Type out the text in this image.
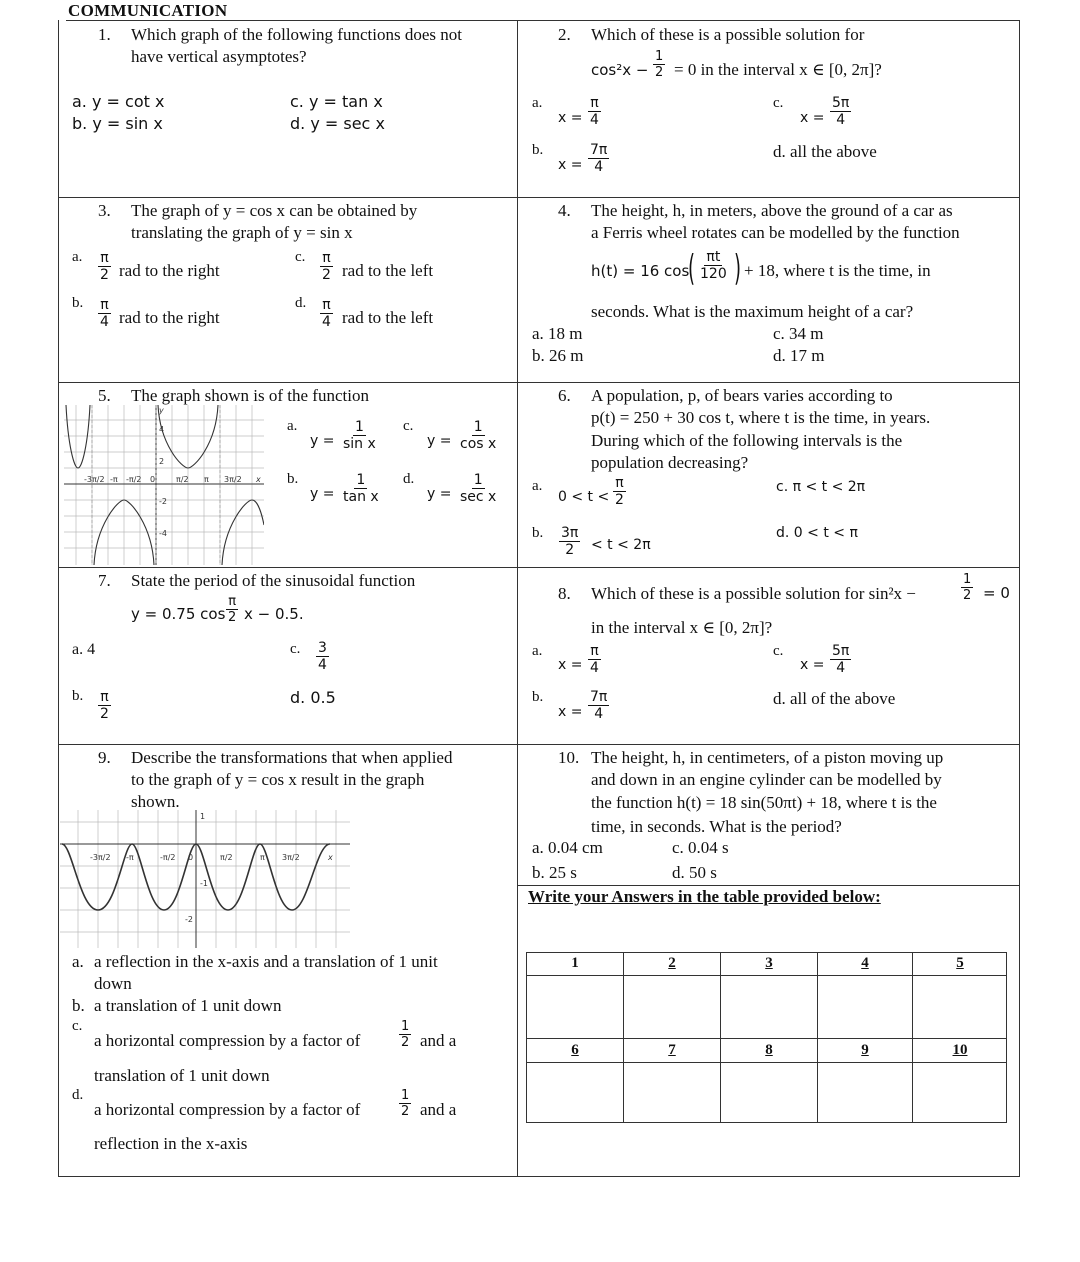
COMMUNICATION
1. Which graph of the following functions does not
have vertical asymptotes?
a. y = cot x
b. y = sin x
c. y = tan x
d. y = sec x
2. Which of these is a possible solution for
$\cos^2x - \frac{1}{2} = 0$ in the interval x ∈ [0, 2π]?
a.
$x = \frac{\pi}{4}$
b.
$x = \frac{7\pi}{4}$
c.
$x = \frac{5\pi}{4}$
d. all the above
3. The graph of y = cos x can be obtained by
translating the graph of y = sin x
a. $\frac{\pi}{2}$ rad to the right
b. $\frac{\pi}{4}$ rad to the right
c. $\frac{\pi}{2}$ rad to the left
d. $\frac{\pi}{4}$ rad to the left
4. The height, h, in meters, above the ground of a car as
a Ferris wheel rotates can be modelled by the function
h(t) = 16 cos
( $\frac{\pi t}{120}$ ) + 18, where t is the time, in
seconds. What is the maximum height of a car?
a. 18 m
b. 26 m
c. 34 m
d. 17 m
5. The graph shown is of the function
y
4
2
-2
-4
-3π/2 -π -π/2 0	π/2 π 3π/2 x
a.
$y = \frac{1}{\text{sin x}}$
b.
$y = \frac{1}{\text{tan x}}$
c.
$y = \frac{1}{\text{cos x}}$
d.
y =
1
sec x
6. A population, p, of bears varies according to
p(t) = 250 + 30 cos t, where t is the time, in years.
During which of the following intervals is the
population decreasing?
a.
$0 < t < \frac{\pi}{2}$
b. $\frac{3\pi}{2} < t < 2\pi$
c. π < t < 2π
d. 0 < t < π
7. State the period of the sinusoidal function
y = 0.75 $\cos \frac{\pi}{2}$ x − 0.5.
a. 4
b. $\frac{\pi}{2}$
c. $\frac{3}{4}$
d. 0.5
8. Which of these is a possible solution for sin²x −	$\frac{1}{2} = 0$
in the interval x ∈ [0, 2π]?
a.
$x = \frac{\pi}{4}$
b.
$x = \frac{7\pi}{4}$
c.
$x = \frac{5\pi}{4}$
d. all of the above
9. Describe the transformations that when applied
to the graph of y = cos x result in the graph
shown.
1
-1
-2
-3π/2 -π	-π/2 0	π/2	π 3π/2	x
a. a reflection in the x-axis and a translation of 1 unit
down
b. a translation of 1 unit down
c.
a horizontal compression by a factor of	$\frac{1}{2}$ and a
translation of 1 unit down
d.
a horizontal compression by a factor of	$\frac{1}{2}$ and a
reflection in the x-axis
10. The height, h, in centimeters, of a piston moving up
and down in an engine cylinder can be modelled by
the function h(t) = 18 sin(50πt) + 18, where t is the
time, in seconds. What is the period?
a. 0.04 cm
b. 25 s
c. 0.04 s
d. 50 s
Write your Answers in the table provided below:
1	2	3	4	5
6	7	8	9	10
